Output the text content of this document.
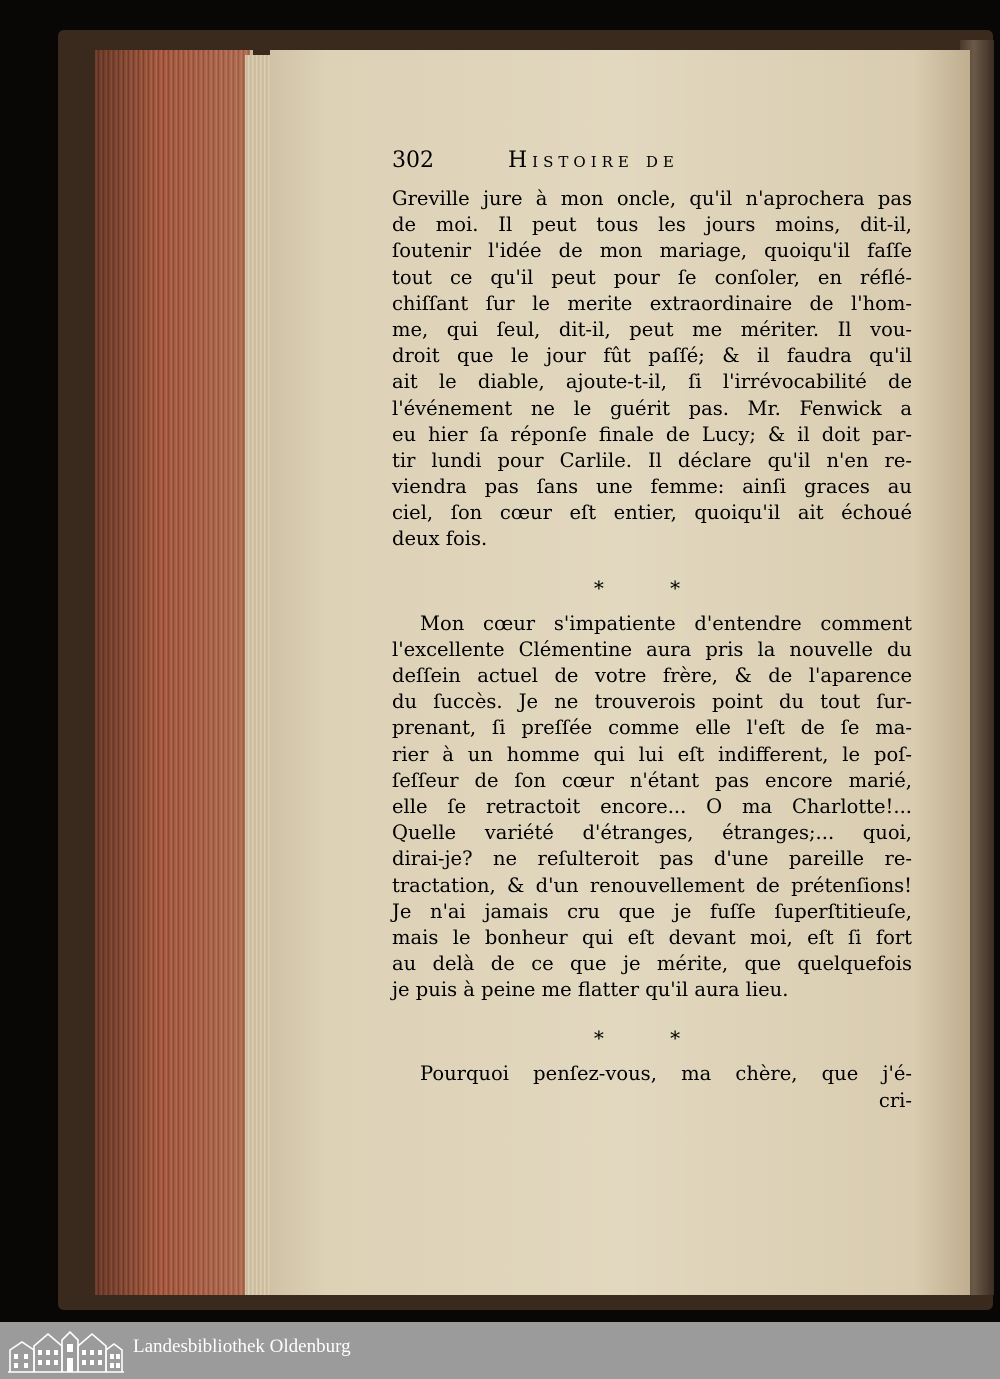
302	Histoire de
Greville jure à mon oncle, qu'il n'aprochera pas
de moi. Il peut tous les jours moins, dit-il,
ſoutenir l'idée de mon mariage, quoiqu'il faſſe
tout ce qu'il peut pour ſe conſoler, en réflé-
chiſſant ſur le merite extraordinaire de l'hom-
me, qui ſeul, dit-il, peut me mériter. Il vou-
droit que le jour fût paſſé; & il faudra qu'il
ait le diable, ajoute-t-il, ſi l'irrévocabilité de
l'événement ne le guérit pas. Mr. Fenwick a
eu hier ſa réponſe finale de Lucy; & il doit par-
tir lundi pour Carlile. Il déclare qu'il n'en re-
viendra pas ſans une femme: ainſi graces au
ciel, ſon cœur eſt entier, quoiqu'il ait échoué
deux fois.
⁎ ⁎
Mon cœur s'impatiente d'entendre comment
l'excellente Clémentine aura pris la nouvelle du
deſſein actuel de votre frère, & de l'aparence
du ſuccès. Je ne trouverois point du tout ſur-
prenant, ſi preſſée comme elle l'eſt de ſe ma-
rier à un homme qui lui eſt indifferent, le poſ-
ſeſſeur de ſon cœur n'étant pas encore marié,
elle ſe retractoit encore... O ma Charlotte!...
Quelle variété d'étranges, étranges;... quoi,
dirai-je? ne reſulteroit pas d'une pareille re-
tractation, & d'un renouvellement de prétenſions!
Je n'ai jamais cru que je fuſſe ſuperſtitieuſe,
mais le bonheur qui eſt devant moi, eſt ſi fort
au delà de ce que je mérite, que quelquefois
je puis à peine me flatter qu'il aura lieu.
⁎ ⁎
Pourquoi penſez-vous, ma chère, que j'é-
cri-
Landesbibliothek Oldenburg
